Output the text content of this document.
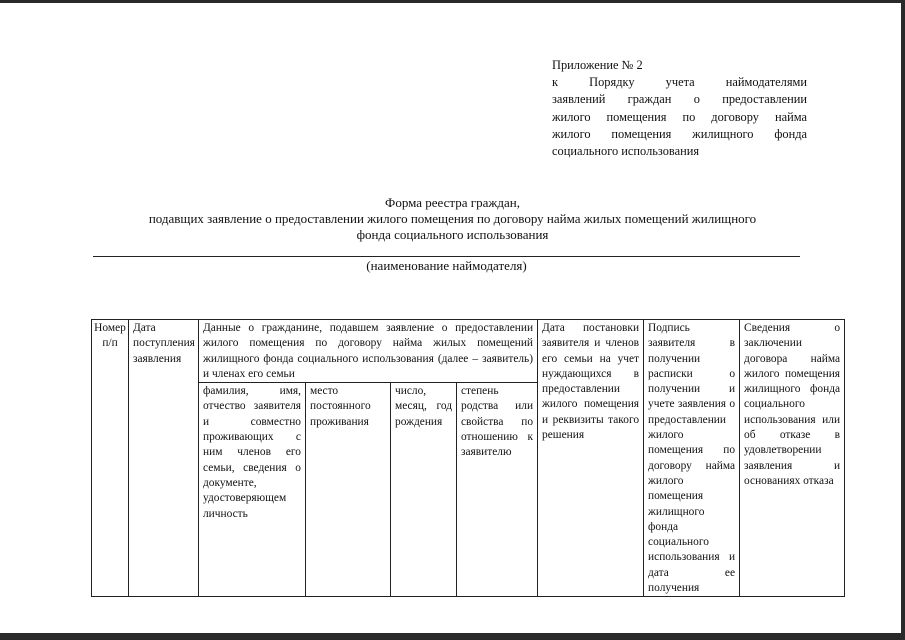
Приложение № 2
к Порядку учета наймодателями
заявлений граждан о предоставлении
жилого помещения по договору найма
жилого помещения жилищного фонда
социального использования
Форма реестра граждан,
подавщих заявление о предоставлении жилого помещения по договору найма жилых помещений жилищного
фонда социального использования
(наименование наймодателя)
Номер п/п	Дата поступления заявления	Данные о гражданине, подавшем заявление о предоставлении жилого помещения по договору найма жилых помещений жилищного фонда социального использования (далее – заявитель) и членах его семьи				Дата постановки заявителя и членов его семьи на учет нуждающихся в предоставлении жилого помещения и реквизиты такого решения	Подпись заявителя в получении расписки о получении и учете заявления о предоставлении жилого помещения по договору найма жилого помещения жилищного фонда социального использования и дата ее получения	Сведения о заключении договора найма жилого помещения жилищного фонда социального использования или об отказе в удовлетворении заявления и основаниях отказа
		фамилия, имя, отчество заявителя и совместно проживающих с ним членов его семьи, сведения о документе, удостоверяющем личность	место постоянного проживания	число, месяц, год рождения	степень родства или свойства по отношению к заявителю			
